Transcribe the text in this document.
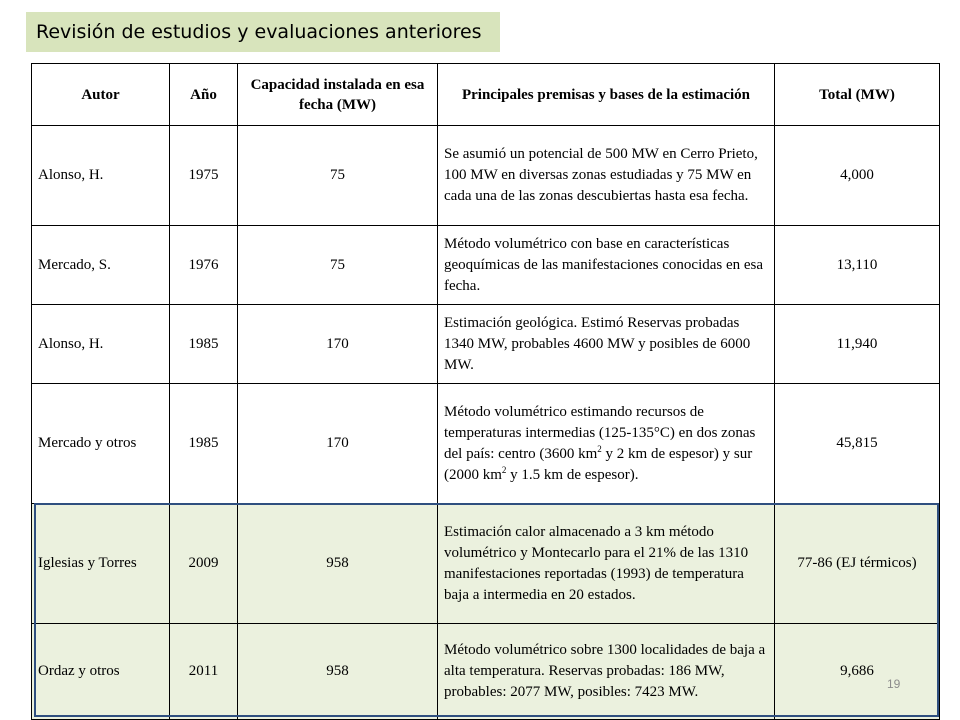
Revisión de estudios y evaluaciones anteriores
Autor	Año	Capacidad instalada en esa fecha (MW)	Principales premisas y bases de la estimación	Total (MW)
Alonso, H.	1975	75	Se asumió un potencial de 500 MW en Cerro Prieto, 100 MW en diversas zonas estudiadas y 75 MW en cada una de las zonas descubiertas hasta esa fecha.	4,000
Mercado, S.	1976	75	Método volumétrico con base en características geoquímicas de las manifestaciones conocidas en esa fecha.	13,110
Alonso, H.	1985	170	Estimación geológica. Estimó Reservas probadas 1340 MW, probables 4600 MW y posibles de 6000 MW.	11,940
Mercado y otros	1985	170	Método volumétrico estimando recursos de temperaturas intermedias (125-135°C) en dos zonas del país: centro (3600 $km^2$ y 2 km de espesor) y sur (2000 $km^2$ y 1.5 km de espesor).	45,815
Iglesias y Torres	2009	958	Estimación calor almacenado a 3 km método volumétrico y Montecarlo para el 21% de las 1310 manifestaciones reportadas (1993) de temperatura baja a intermedia en 20 estados.	77-86 (EJ térmicos)
Ordaz y otros	2011	958	Método volumétrico sobre 1300 localidades de baja a alta temperatura. Reservas probadas: 186 MW, probables: 2077 MW, posibles: 7423 MW.	9,686
19
